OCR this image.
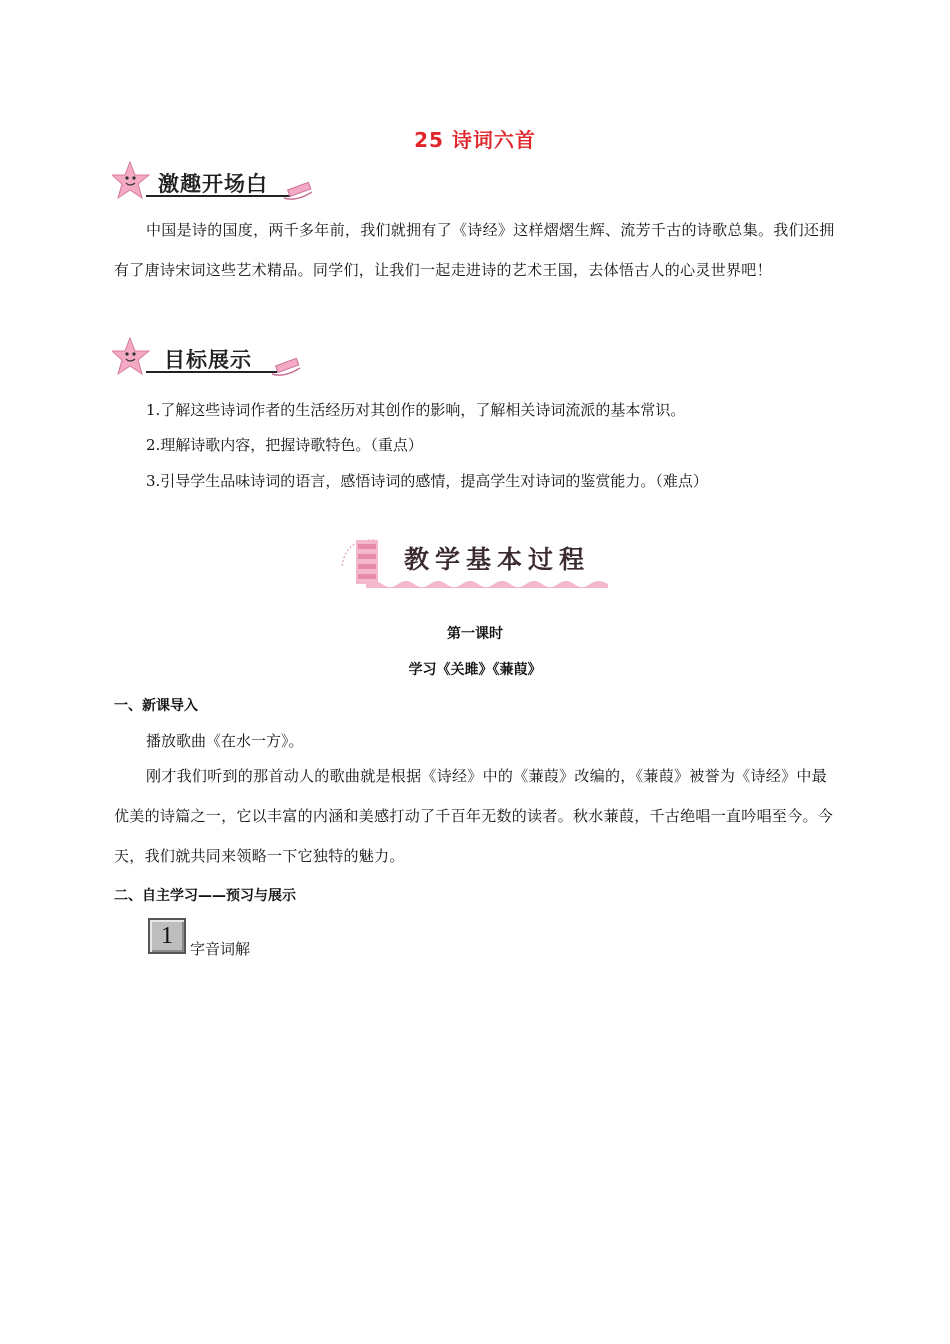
25 诗词六首
激趣开场白
中国是诗的国度，两千多年前，我们就拥有了《诗经》这样熠熠生辉、流芳千古的诗歌总集。我们还拥有了唐诗宋词这些艺术精品。同学们，让我们一起走进诗的艺术王国，去体悟古人的心灵世界吧！
目标展示
1.了解这些诗词作者的生活经历对其创作的影响，了解相关诗词流派的基本常识。
2.理解诗歌内容，把握诗歌特色。（重点）
3.引导学生品味诗词的语言，感悟诗词的感情，提高学生对诗词的鉴赏能力。（难点）
教学基本过程
第一课时
学习《关雎》《蒹葭》
一、新课导入
播放歌曲《在水一方》。
刚才我们听到的那首动人的歌曲就是根据《诗经》中的《蒹葭》改编的，《蒹葭》被誉为《诗经》中最优美的诗篇之一，它以丰富的内涵和美感打动了千百年无数的读者。秋水蒹葭，千古绝唱一直吟唱至今。今天，我们就共同来领略一下它独特的魅力。
二、自主学习——预习与展示
1	字音词解
